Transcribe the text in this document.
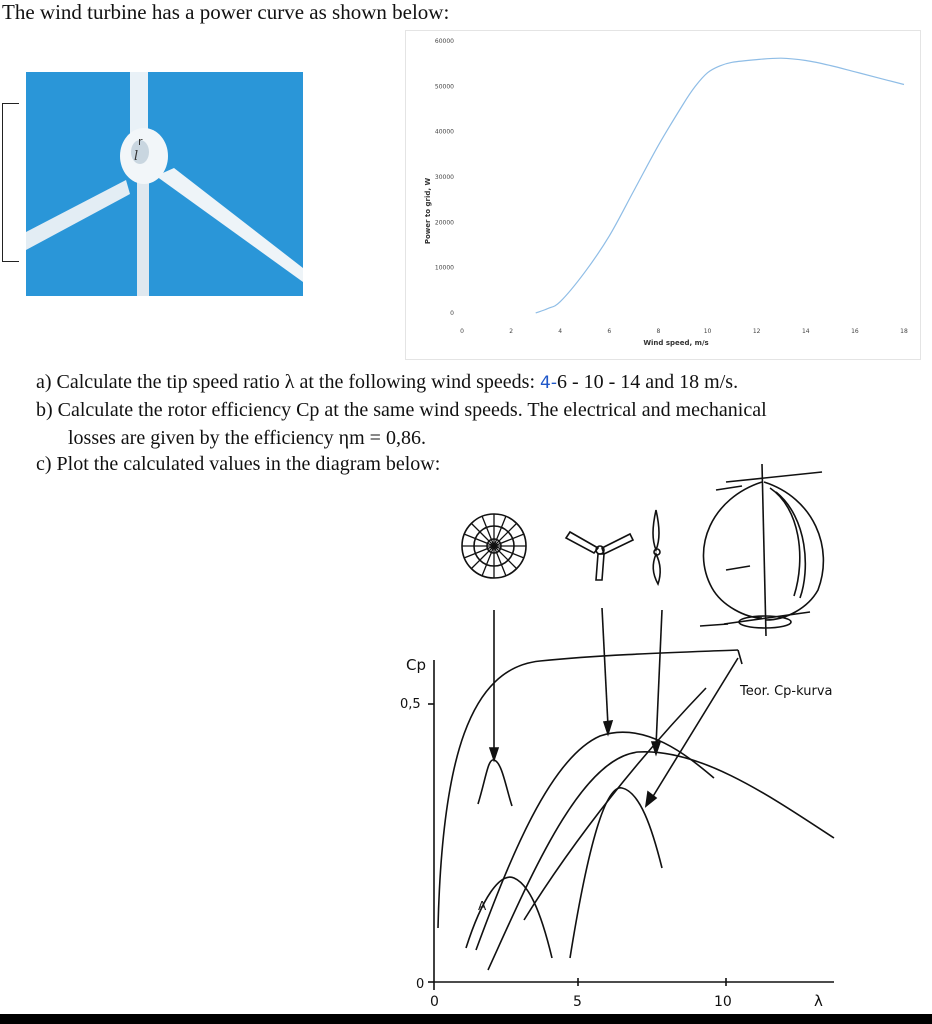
The wind turbine has a power curve as shown below:
r
l
0
10000
20000
30000
40000
50000
60000
0	2	4	6	8	10	12	14	16	18
Power to grid, W
Wind speed, m/s
a) Calculate the tip speed ratio λ at the following wind speeds: 4-6 - 10 - 14 and 18 m/s.
b) Calculate the rotor efficiency Cp at the same wind speeds. The electrical and mechanical
losses are given by the efficiency ηm = 0,86.
c) Plot the calculated values in the diagram below:
Cp
0,5
0
0	5	10	λ
Teor. Cp-kurva
A
